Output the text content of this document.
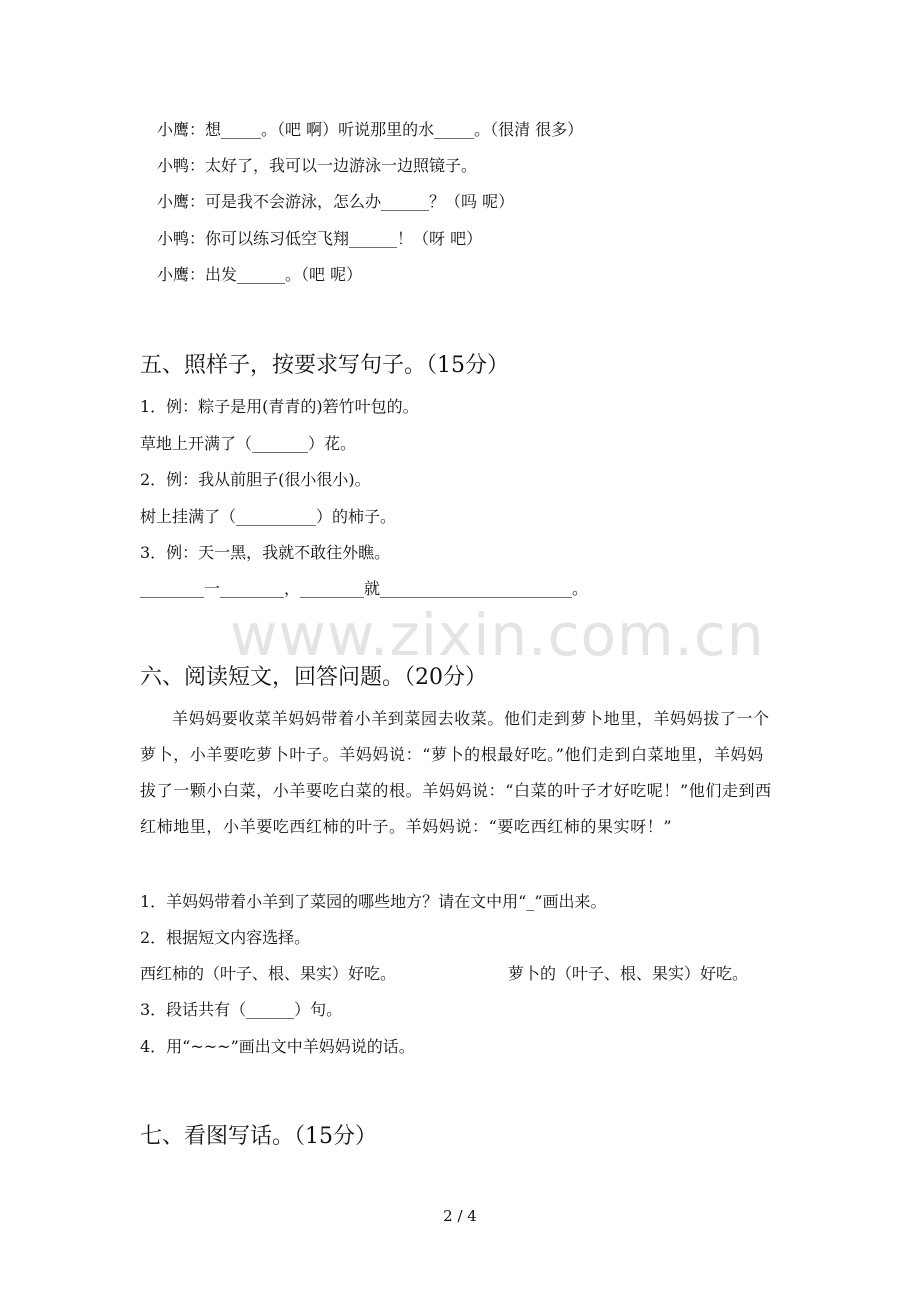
小鹰：想_____。（吧 啊）听说那里的水_____。（很清 很多）
小鸭：太好了，我可以一边游泳一边照镜子。
小鹰：可是我不会游泳，怎么办______？（吗 呢）
小鸭：你可以练习低空飞翔______！（呀 吧）
小鹰：出发______。（吧 呢）
五、照样子，按要求写句子。（15分）
1．例：粽子是用(青青的)箬竹叶包的。
草地上开满了（_______）花。
2．例：我从前胆子(很小很小)。
树上挂满了（__________）的柿子。
3．例：天一黑，我就不敢往外瞧。
________一________，________就________________________。
www.zixin.com.cn
六、阅读短文，回答问题。（20分）
羊妈妈要收菜羊妈妈带着小羊到菜园去收菜。他们走到萝卜地里，羊妈妈拔了一个萝卜，小羊要吃萝卜叶子。羊妈妈说：“萝卜的根最好吃。”他们走到白菜地里，羊妈妈拔了一颗小白菜，小羊要吃白菜的根。羊妈妈说：“白菜的叶子才好吃呢！”他们走到西红柿地里，小羊要吃西红柿的叶子。羊妈妈说：“要吃西红柿的果实呀！”
1．羊妈妈带着小羊到了菜园的哪些地方？请在文中用“_”画出来。
2．根据短文内容选择。
西红柿的（叶子、根、果实）好吃。	萝卜的（叶子、根、果实）好吃。
3．段话共有（______）句。
4．用“~~~”画出文中羊妈妈说的话。
七、看图写话。（15分）
2 / 4
